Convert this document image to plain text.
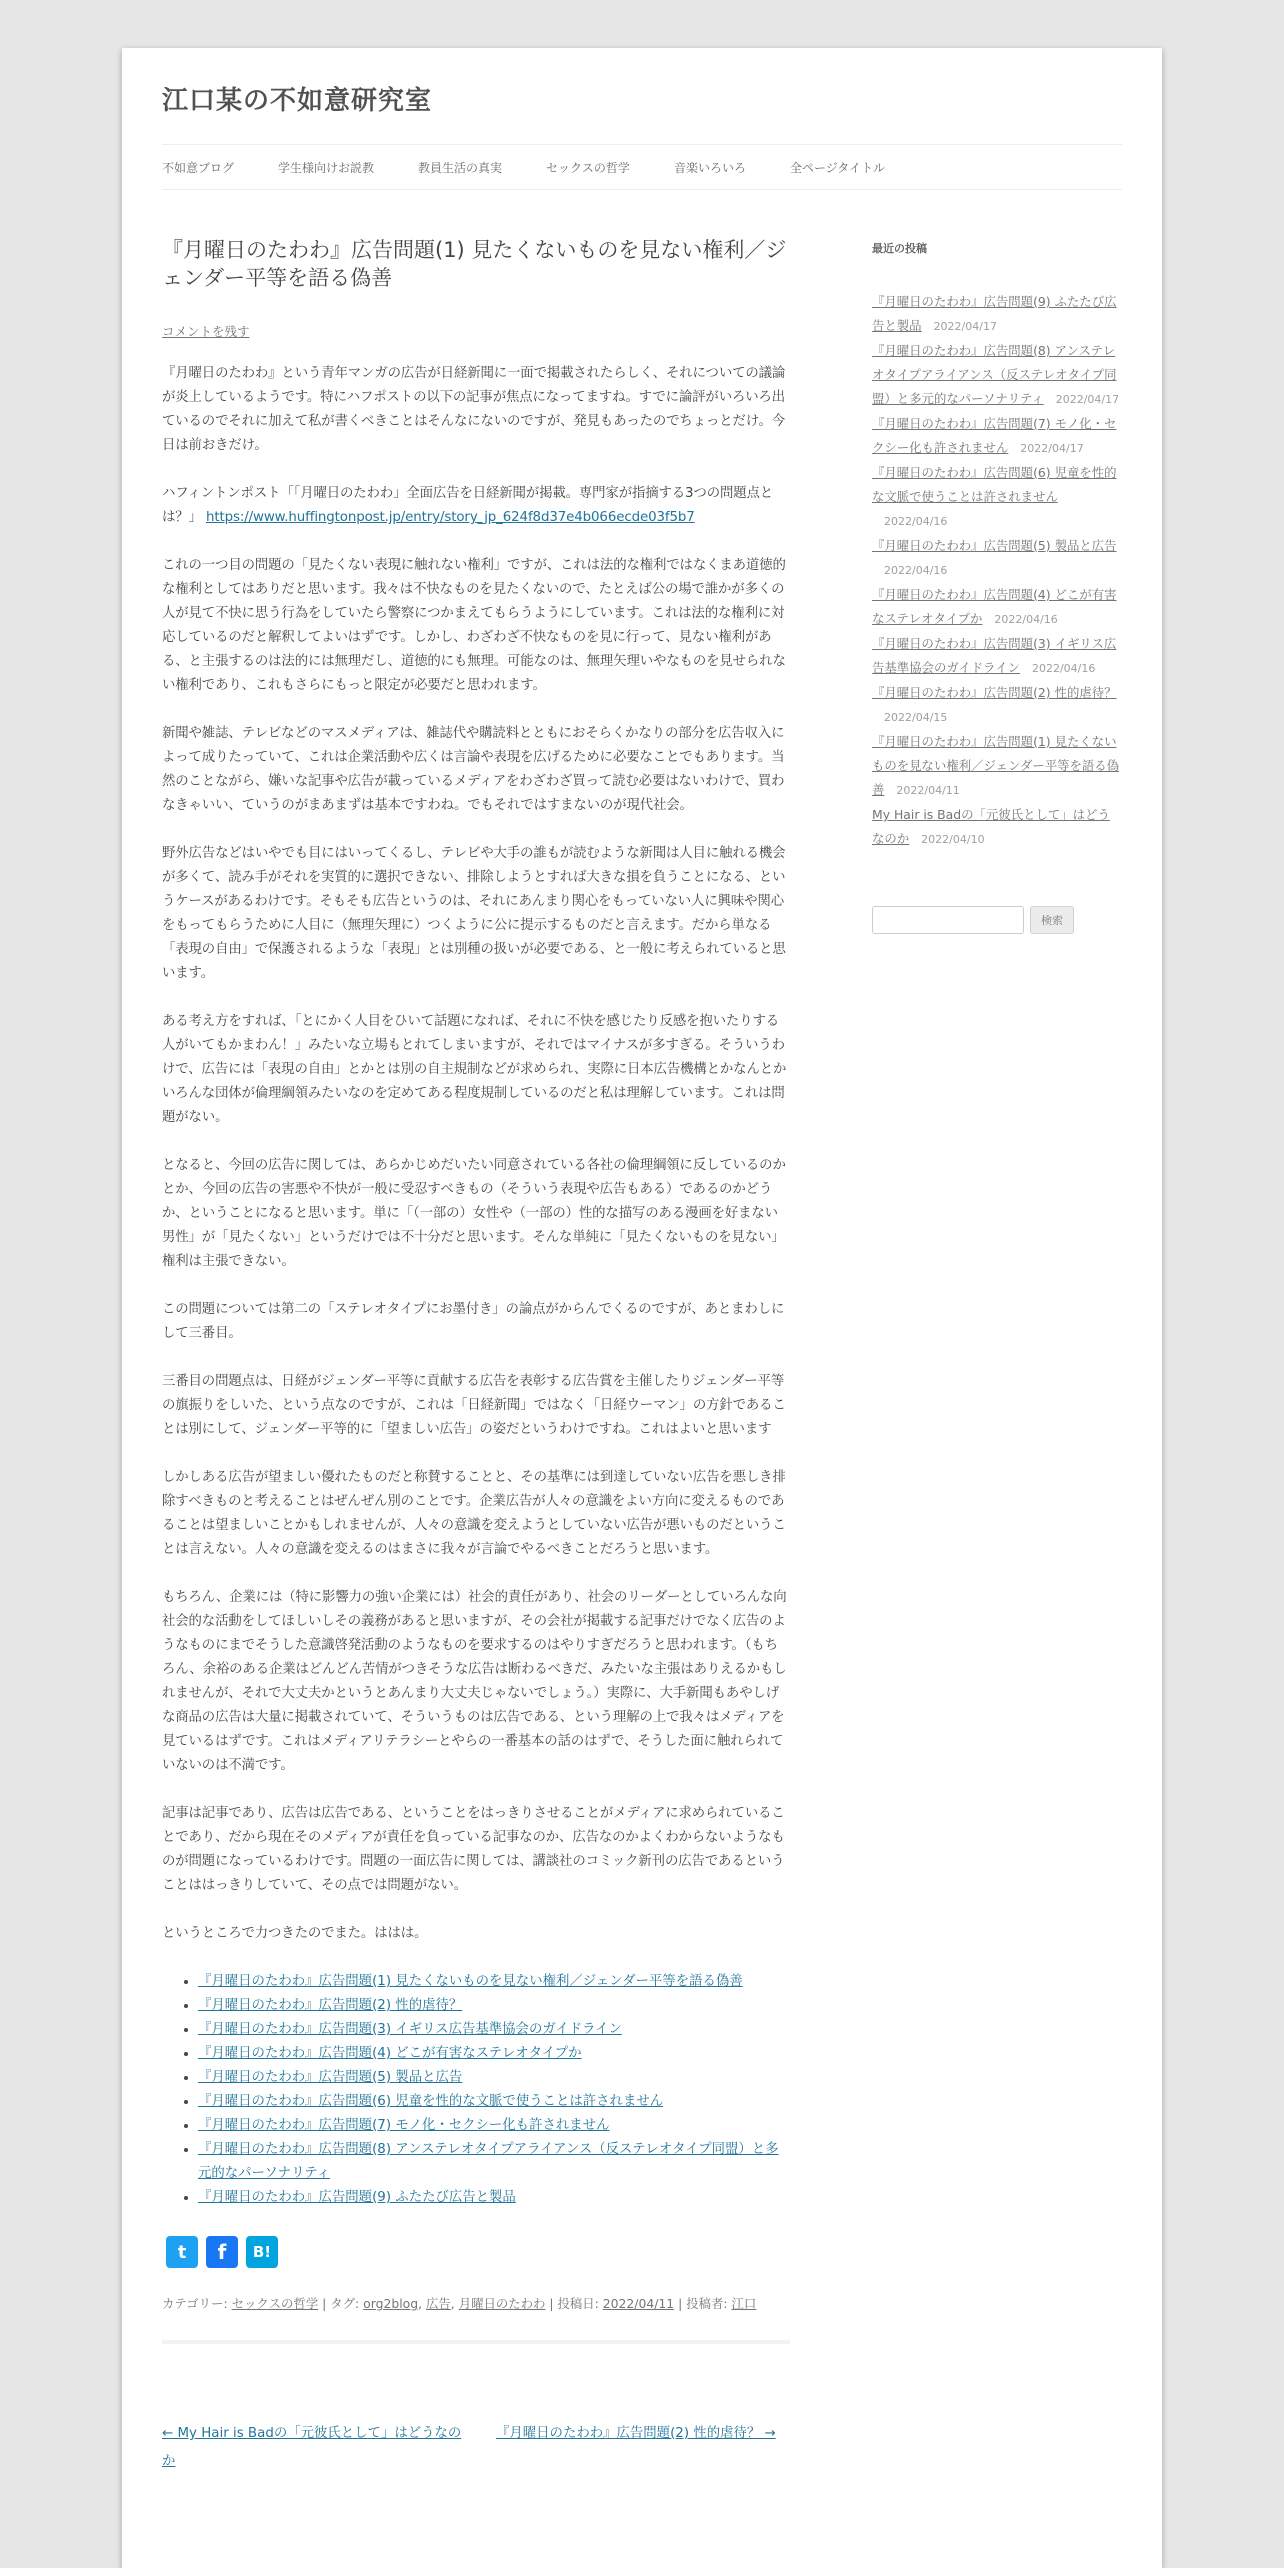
江口某の不如意研究室
不如意ブログ	学生様向けお説教	教員生活の真実	セックスの哲学	音楽いろいろ	全ページタイトル
『月曜日のたわわ』広告問題(1) 見たくないものを見ない権利／ジェンダー平等を語る偽善
コメントを残す

『月曜日のたわわ』という青年マンガの広告が日経新聞に一面で掲載されたらしく、それについての議論が炎上しているようです。特にハフポストの以下の記事が焦点になってますね。すでに論評がいろいろ出ているのでそれに加えて私が書くべきことはそんなにないのですが、発見もあったのでちょっとだけ。今日は前おきだけ。

ハフィントンポスト「「月曜日のたわわ」全面広告を日経新聞が掲載。専門家が指摘する3つの問題点とは？」 https://www.huffingtonpost.jp/entry/story_jp_624f8d37e4b066ecde03f5b7

これの一つ目の問題の「見たくない表現に触れない権利」ですが、これは法的な権利ではなくまあ道徳的な権利としてはありだと思います。我々は不快なものを見たくないので、たとえば公の場で誰かが多くの人が見て不快に思う行為をしていたら警察につかまえてもらうようにしています。これは法的な権利に対応しているのだと解釈してよいはずです。しかし、わざわざ不快なものを見に行って、見ない権利がある、と主張するのは法的には無理だし、道徳的にも無理。可能なのは、無理矢理いやなものを見せられない権利であり、これもさらにもっと限定が必要だと思われます。

新聞や雑誌、テレビなどのマスメディアは、雑誌代や購読料とともにおそらくかなりの部分を広告収入によって成りたっていて、これは企業活動や広くは言論や表現を広げるために必要なことでもあります。当然のことながら、嫌いな記事や広告が載っているメディアをわざわざ買って読む必要はないわけで、買わなきゃいい、ていうのがまあまずは基本ですわね。でもそれではすまないのが現代社会。

野外広告などはいやでも目にはいってくるし、テレビや大手の誰もが読むような新聞は人目に触れる機会が多くて、読み手がそれを実質的に選択できない、排除しようとすれば大きな損を負うことになる、というケースがあるわけです。そもそも広告というのは、それにあんまり関心をもっていない人に興味や関心をもってもらうために人目に（無理矢理に）つくように公に提示するものだと言えます。だから単なる「表現の自由」で保護されるような「表現」とは別種の扱いが必要である、と一般に考えられていると思います。

ある考え方をすれば、「とにかく人目をひいて話題になれば、それに不快を感じたり反感を抱いたりする人がいてもかまわん！」みたいな立場もとれてしまいますが、それではマイナスが多すぎる。そういうわけで、広告には「表現の自由」とかとは別の自主規制などが求められ、実際に日本広告機構とかなんとかいろんな団体が倫理綱領みたいなのを定めてある程度規制しているのだと私は理解しています。これは問題がない。

となると、今回の広告に関しては、あらかじめだいたい同意されている各社の倫理綱領に反しているのかとか、今回の広告の害悪や不快が一般に受忍すべきもの（そういう表現や広告もある）であるのかどうか、ということになると思います。単に「（一部の）女性や（一部の）性的な描写のある漫画を好まない男性」が「見たくない」というだけでは不十分だと思います。そんな単純に「見たくないものを見ない」権利は主張できない。

この問題については第二の「ステレオタイプにお墨付き」の論点がからんでくるのですが、あとまわしにして三番目。

三番目の問題点は、日経がジェンダー平等に貢献する広告を表彰する広告賞を主催したりジェンダー平等の旗振りをしいた、という点なのですが、これは「日経新聞」ではなく「日経ウーマン」の方針であることは別にして、ジェンダー平等的に「望ましい広告」の姿だというわけですね。これはよいと思います

しかしある広告が望ましい優れたものだと称賛することと、その基準には到達していない広告を悪しき排除すべきものと考えることはぜんぜん別のことです。企業広告が人々の意識をよい方向に変えるものであることは望ましいことかもしれませんが、人々の意識を変えようとしていない広告が悪いものだということは言えない。人々の意識を変えるのはまさに我々が言論でやるべきことだろうと思います。

もちろん、企業には（特に影響力の強い企業には）社会的責任があり、社会のリーダーとしていろんな向社会的な活動をしてほしいしその義務があると思いますが、その会社が掲載する記事だけでなく広告のようなものにまでそうした意識啓発活動のようなものを要求するのはやりすぎだろうと思われます。（もちろん、余裕のある企業はどんどん苦情がつきそうな広告は断わるべきだ、みたいな主張はありえるかもしれませんが、それで大丈夫かというとあんまり大丈夫じゃないでしょう。）実際に、大手新聞もあやしげな商品の広告は大量に掲載されていて、そういうものは広告である、という理解の上で我々はメディアを見ているはずです。これはメディアリテラシーとやらの一番基本の話のはずで、そうした面に触れられていないのは不満です。

記事は記事であり、広告は広告である、ということをはっきりさせることがメディアに求められていることであり、だから現在そのメディアが責任を負っている記事なのか、広告なのかよくわからないようなものが問題になっているわけです。問題の一面広告に関しては、講談社のコミック新刊の広告であるということははっきりしていて、その点では問題がない。

というところで力つきたのでまた。ははは。

• 『月曜日のたわわ』広告問題(1) 見たくないものを見ない権利／ジェンダー平等を語る偽善
• 『月曜日のたわわ』広告問題(2) 性的虐待？
• 『月曜日のたわわ』広告問題(3) イギリス広告基準協会のガイドライン
• 『月曜日のたわわ』広告問題(4) どこが有害なステレオタイプか
• 『月曜日のたわわ』広告問題(5) 製品と広告
• 『月曜日のたわわ』広告問題(6) 児童を性的な文脈で使うことは許されません
• 『月曜日のたわわ』広告問題(7) モノ化・セクシー化も許されません
• 『月曜日のたわわ』広告問題(8) アンステレオタイプアライアンス（反ステレオタイプ同盟）と多元的なパーソナリティ
• 『月曜日のたわわ』広告問題(9) ふたたび広告と製品
t	f	B!
カテゴリー: セックスの哲学 | タグ: org2blog, 広告, 月曜日のたわわ | 投稿日: 2022/04/11 | 投稿者: 江口
← My Hair is Badの「元彼氏として」はどうなのか
『月曜日のたわわ』広告問題(2) 性的虐待？ →
最近の投稿
『月曜日のたわわ』広告問題(9) ふたたび広告と製品 2022/04/17
『月曜日のたわわ』広告問題(8) アンステレオタイプアライアンス（反ステレオタイプ同盟）と多元的なパーソナリティ 2022/04/17
『月曜日のたわわ』広告問題(7) モノ化・セクシー化も許されません 2022/04/17
『月曜日のたわわ』広告問題(6) 児童を性的な文脈で使うことは許されません2022/04/16
『月曜日のたわわ』広告問題(5) 製品と広告2022/04/16
『月曜日のたわわ』広告問題(4) どこが有害なステレオタイプか 2022/04/16
『月曜日のたわわ』広告問題(3) イギリス広告基準協会のガイドライン 2022/04/16
『月曜日のたわわ』広告問題(2) 性的虐待？2022/04/15
『月曜日のたわわ』広告問題(1) 見たくないものを見ない権利／ジェンダー平等を語る偽善 2022/04/11
My Hair is Badの「元彼氏として」はどうなのか 2022/04/10
検索
